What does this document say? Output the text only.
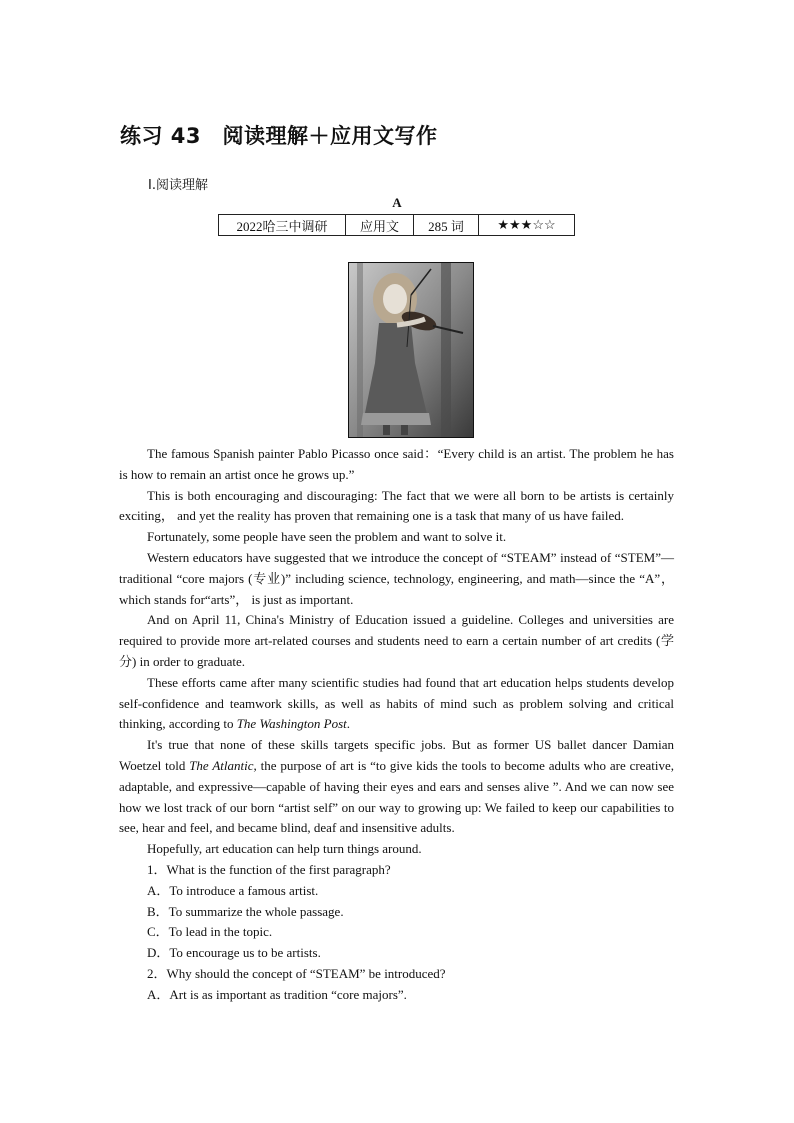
练习 43　阅读理解＋应用文写作
Ⅰ.阅读理解
A
2022哈三中调研	应用文	285 词	★★★☆☆

The famous Spanish painter Pablo Picasso once said：“Every child is an artist. The problem he has is how to remain an artist once he grows up.”

This is both encouraging and discouraging: The fact that we were all born to be artists is certainly exciting， and yet the reality has proven that remaining one is a task that many of us have failed.

Fortunately, some people have seen the problem and want to solve it.

Western educators have suggested that we introduce the concept of “STEAM” instead of “STEM”—traditional “core majors (专业)” including science, technology, engineering, and math—since the “A”， which stands for“arts”， is just as important.

And on April 11, China's Ministry of Education issued a guideline. Colleges and universities are required to provide more art-related courses and students need to earn a certain number of art credits (学分) in order to graduate.

These efforts came after many scientific studies had found that art education helps students develop self-confidence and teamwork skills, as well as habits of mind such as problem solving and critical thinking, according to The Washington Post.

It's true that none of these skills targets specific jobs. But as former US ballet dancer Damian Woetzel told The Atlantic, the purpose of art is “to give kids the tools to become adults who are creative, adaptable, and expressive—capable of having their eyes and ears and senses alive ”. And we can now see how we lost track of our born “artist self” on our way to growing up: We failed to keep our capabilities to see, hear and feel, and became blind, deaf and insensitive adults.

Hopefully, art education can help turn things around.

1．What is the function of the first paragraph?
A．To introduce a famous artist.
B．To summarize the whole passage.
C．To lead in the topic.
D．To encourage us to be artists.
2．Why should the concept of “STEAM” be introduced?
A．Art is as important as tradition “core majors”.
